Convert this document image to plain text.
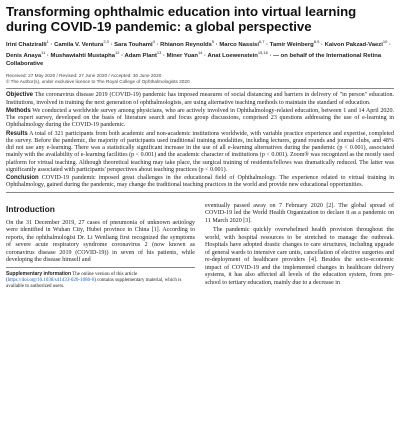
Transforming ophthalmic education into virtual learning during COVID-19 pandemic: a global perspective
Irini Chatziralli$^1$ · Camila V. Ventura$^{2,3}$ · Sara Touhami$^4$ · Rhianon Reynolds$^5$ · Marco Nassisi$^{6,7}$ · Tamir Weinberg$^{8,9}$ · Kaivon Pakzad-Vaezi$^{10}$ · Denis Anaya$^{11}$ · Mushawiahti Mustapha$^{12}$ · Adam Plant$^{13}$ · Miner Yuan$^{14}$ · Anat Loewenstein$^{15,16}$ · — on behalf of the International Retina Collaborative
Received: 27 May 2020 / Revised: 27 June 2020 / Accepted: 30 June 2020
© The Author(s), under exclusive licence to The Royal College of Ophthalmologists 2020

Objective The coronavirus disease 2019 (COVID-19) pandemic has imposed measures of social distancing and barriers in delivery of "in person" education. Institutions, involved in training the next generation of ophthalmologists, are using alternative teaching methods to maintain the standard of education.

Methods We conducted a worldwide survey among physicians, who are actively involved in Ophthalmology-related education, between 1 and 14 April 2020. The expert survey, developed on the basis of literature search and focus group discussions, comprised 23 questions addressing the use of e-learning in Ophthalmology during the COVID-19 pandemic.

Results A total of 321 participants from both academic and non-academic institutions worldwide, with variable practice experience and expertise, completed the survey. Before the pandemic, the majority of participants used traditional training modalities, including lectures, grand rounds and journal clubs, and 48% did not use any e-learning. There was a statistically significant increase in the use of all e-learning alternatives during the pandemic (p < 0.001), associated mainly with the availability of e-learning facilities (p < 0.001) and the academic character of institutions (p < 0.001). Zoom® was recognized as the mostly used platform for virtual teaching. Although theoretical teaching may take place, the surgical training of residents/fellows was dramatically reduced. The latter was significantly associated with participants' perspectives about teaching practices (p < 0.001).

Conclusion COVID-19 pandemic imposed great challenges in the educational field of Ophthalmology. The experience related to virtual training in Ophthalmology, gained during the pandemic, may change the traditional teaching practices in the world and provide new educational opportunities.

Introduction

On the 31 December 2019, 27 cases of pneumonia of unknown aetiology were identified in Wuhan City, Hubei province in China [1]. According to reports, the ophthalmologist Dr. Li Wenliang first recognized the symptoms of severe acute respiratory syndrome coronavirus 2 (now known as coronavirus disease 2019 (COVID-19)) in seven of his patients, while developing the disease himself and

Supplementary information The online version of this article (https://doi.org/10.1038/s41433-020-1080-0) contains supplementary material, which is available to authorized users.

eventually passed away on 7 February 2020 [2]. The global spread of COVID-19 led the World Health Organization to declare it as a pandemic on 11 March 2020 [3].

The pandemic quickly overwhelmed health provision throughout the world, with hospital resources to be stretched to manage the outbreak. Hospitals have adopted drastic changes to care structures, including upgrade of general wards to intensive care units, cancellation of elective surgeries and re-deployment of healthcare providers [4]. Besides the socio-economic impact of COVID-19 and the implemented changes in healthcare delivery systems, it has also affected all levels of the education system, from pre-school to tertiary education, mainly due to a decrease in
